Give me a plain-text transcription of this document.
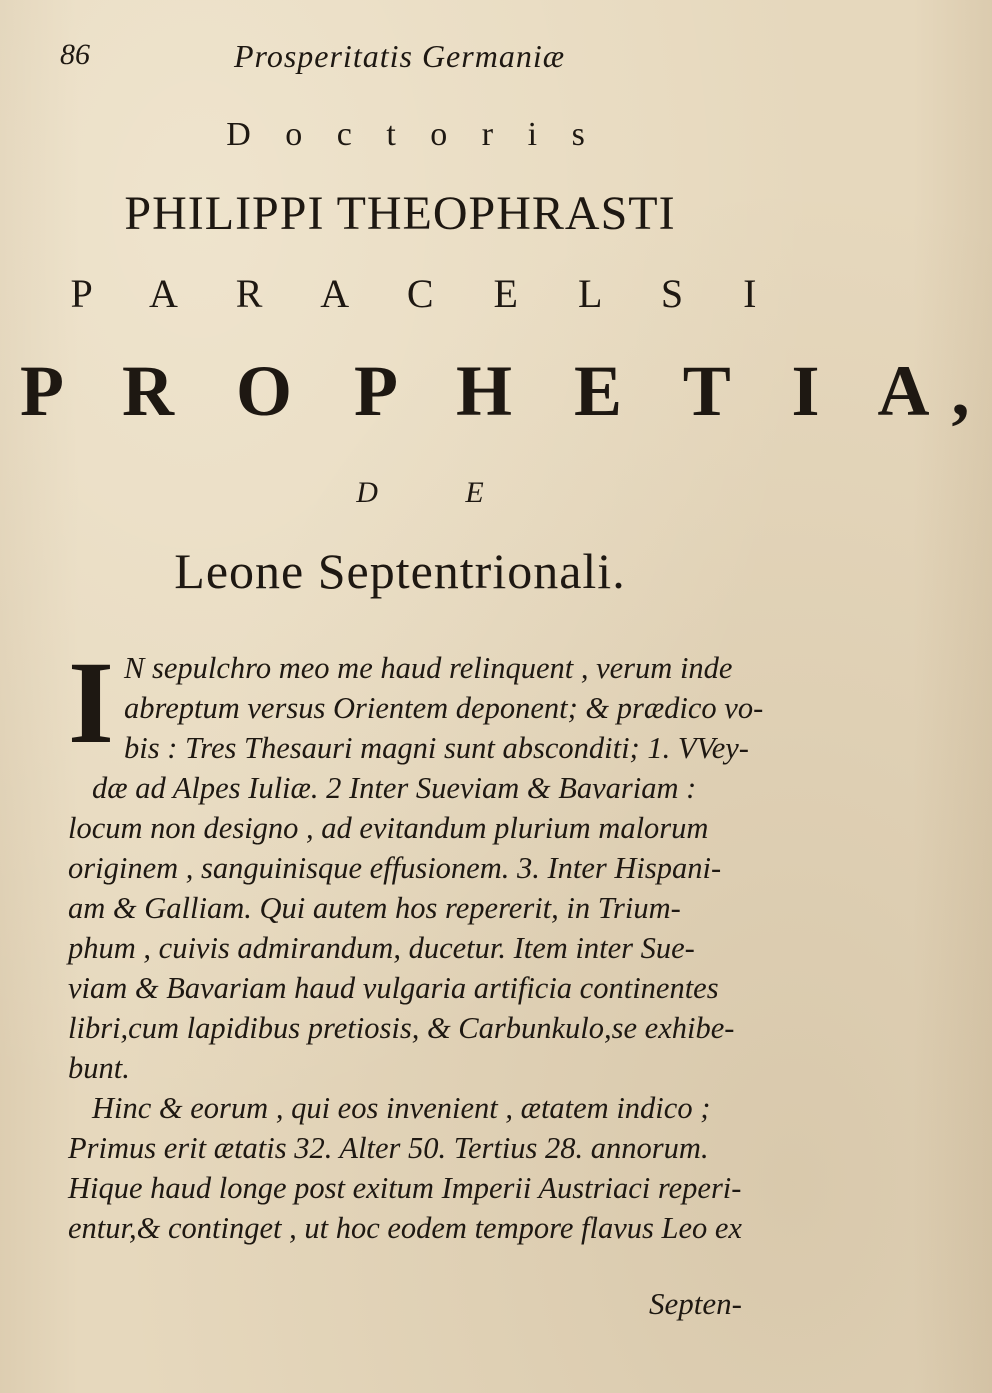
86	Prosperitatis Germaniæ
D o c t o r i s
PHILIPPI THEOPHRASTI
P A R A C E L S I
P R O P H E T I A,
D E
Leone Septentrionali.
I N sepulchro meo me haud relinquent , verum inde
abreptum versus Orientem deponent; & prædico vo-
bis : Tres Thesauri magni sunt absconditi; 1. VVey-
dæ ad Alpes Iuliæ. 2 Inter Sueviam & Bavariam :
locum non designo , ad evitandum plurium malorum
originem , sanguinisque effusionem. 3. Inter Hispani-
am & Galliam. Qui autem hos repererit, in Trium-
phum , cuivis admirandum, ducetur. Item inter Sue-
viam & Bavariam haud vulgaria artificia continentes
libri,cum lapidibus pretiosis, & Carbunkulo,se exhibe-
bunt.
Hinc & eorum , qui eos invenient , ætatem indico ;
Primus erit ætatis 32. Alter 50. Tertius 28. annorum.
Hique haud longe post exitum Imperii Austriaci reperi-
entur,& continget , ut hoc eodem tempore flavus Leo ex
Septen-
